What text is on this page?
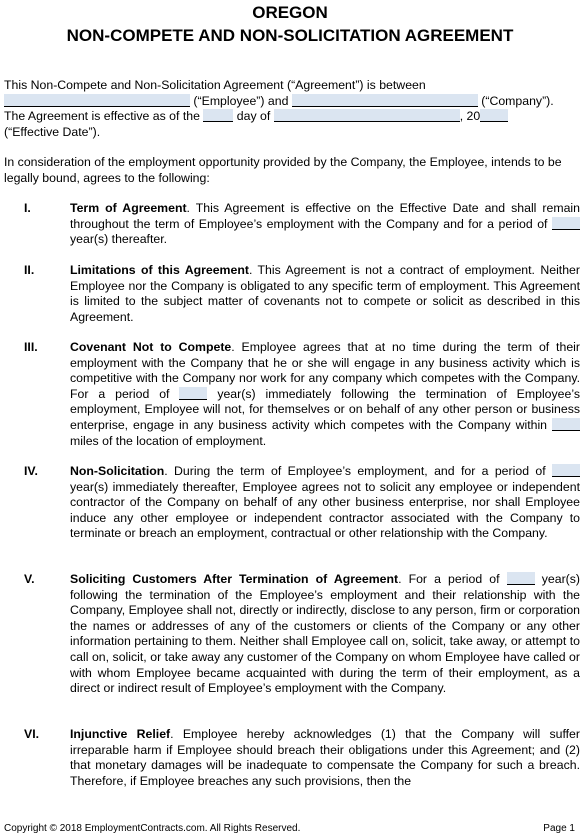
OREGON
NON-COMPETE AND NON-SOLICITATION AGREEMENT
This Non-Compete and Non-Solicitation Agreement (“Agreement”) is between
(“Employee”) and	(“Company”).
The Agreement is effective as of the	day of	, 20
(“Effective Date”).
In consideration of the employment opportunity provided by the Company, the Employee, intends to be legally bound, agrees to the following:
I.	Term of Agreement. This Agreement is effective on the Effective Date and shall remain throughout the term of Employee’s employment with the Company and for a period of  year(s) thereafter.
II.	Limitations of this Agreement. This Agreement is not a contract of employment. Neither Employee nor the Company is obligated to any specific term of employment. This Agreement is limited to the subject matter of covenants not to compete or solicit as described in this Agreement.
III.	Covenant Not to Compete. Employee agrees that at no time during the term of their employment with the Company that he or she will engage in any business activity which is competitive with the Company nor work for any company which competes with the Company. For a period of	year(s) immediately following the termination of Employee’s employment, Employee will not, for themselves or on behalf of any other person or business enterprise, engage in any business activity which competes with the Company within  miles of the location of employment.
IV.	Non-Solicitation. During the term of Employee’s employment, and for a period of  year(s) immediately thereafter, Employee agrees not to solicit any employee or independent contractor of the Company on behalf of any other business enterprise, nor shall Employee induce any other employee or independent contractor associated with the Company to terminate or breach an employment, contractual or other relationship with the Company.
V.	Soliciting Customers After Termination of Agreement. For a period of	year(s) following the termination of the Employee’s employment and their relationship with the Company, Employee shall not, directly or indirectly, disclose to any person, firm or corporation the names or addresses of any of the customers or clients of the Company or any other information pertaining to them. Neither shall Employee call on, solicit, take away, or attempt to call on, solicit, or take away any customer of the Company on whom Employee have called or with whom Employee became acquainted with during the term of their employment, as a direct or indirect result of Employee’s employment with the Company.
VI.	Injunctive Relief. Employee hereby acknowledges (1) that the Company will suffer irreparable harm if Employee should breach their obligations under this Agreement; and (2) that monetary damages will be inadequate to compensate the Company for such a breach. Therefore, if Employee breaches any such provisions, then the
Copyright © 2018 EmploymentContracts.com. All Rights Reserved.	Page 1
